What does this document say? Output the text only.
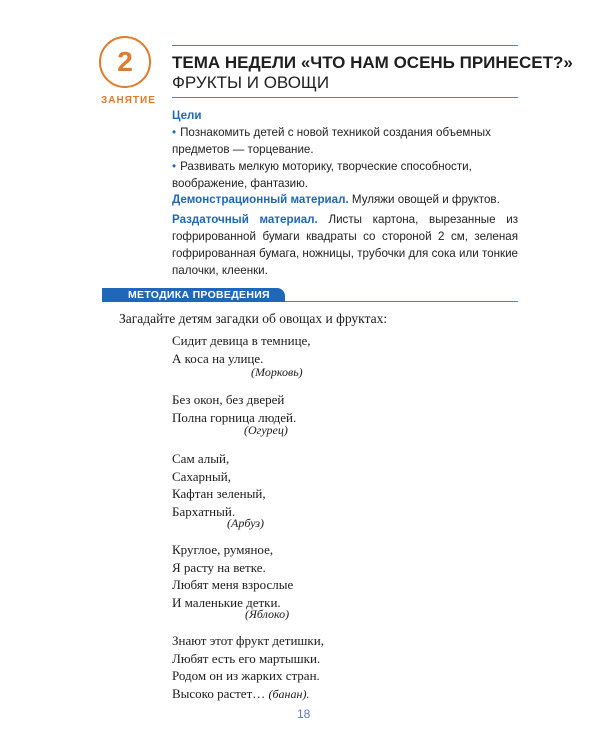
2
ЗАНЯТИЕ
ТЕМА НЕДЕЛИ «ЧТО НАМ ОСЕНЬ ПРИНЕСЕТ?»
ФРУКТЫ И ОВОЩИ
Цели
• Познакомить детей с новой техникой создания объемных предметов — торцевание.
• Развивать мелкую моторику, творческие способности, воображение, фантазию.
Демонстрационный материал. Муляжи овощей и фруктов.
Раздаточный материал. Листы картона, вырезанные из гофрированной бумаги квадраты со стороной 2 см, зеленая гофрированная бумага, ножницы, трубочки для сока или тонкие палочки, клеенки.
МЕТОДИКА ПРОВЕДЕНИЯ
Загадайте детям загадки об овощах и фруктах:
Сидит девица в темнице,
А коса на улице.
(Морковь)
Без окон, без дверей
Полна горница людей.
(Огурец)
Сам алый,
Сахарный,
Кафтан зеленый,
Бархатный.
(Арбуз)
Круглое, румяное,
Я расту на ветке.
Любят меня взрослые
И маленькие детки.
(Яблоко)
Знают этот фрукт детишки,
Любят есть его мартышки.
Родом он из жарких стран.
Высоко растет… (банан).
18
